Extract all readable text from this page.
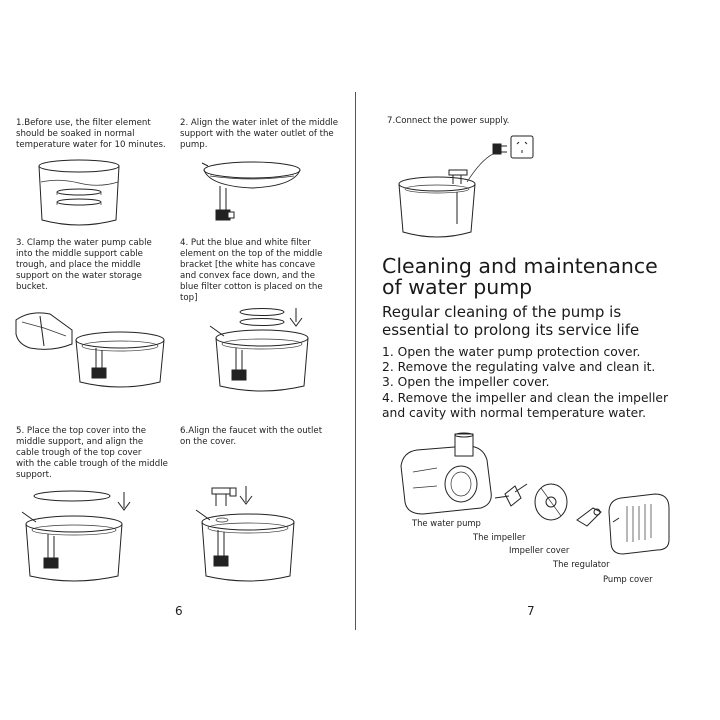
1.Before use, the filter element
should be soaked in normal
temperature water for 10 minutes.
2. Align the water inlet of the middle
support with the water outlet of the
pump.
3. Clamp the water pump cable
into the middle support cable
trough, and place the middle
support on the water storage
bucket.
4. Put the blue and white filter
element on the top of the middle
bracket [the white has concave
and convex face down, and the
blue filter cotton is placed on the
top]
5. Place the top cover into the
middle support, and align the
cable trough of the top cover
with the cable trough of the middle
support.
6.Align the faucet with the outlet
on the cover.
6
7.Connect the power supply.
Cleaning and maintenance
of water pump
Regular cleaning of the pump is
essential to prolong its service life
1. Open the water pump protection cover.
2. Remove the regulating valve and clean it.
3. Open the impeller cover.
4. Remove the impeller and clean the impeller
and cavity with normal temperature water.
The water pump
The impeller
Impeller cover
The regulator
Pump cover
7
